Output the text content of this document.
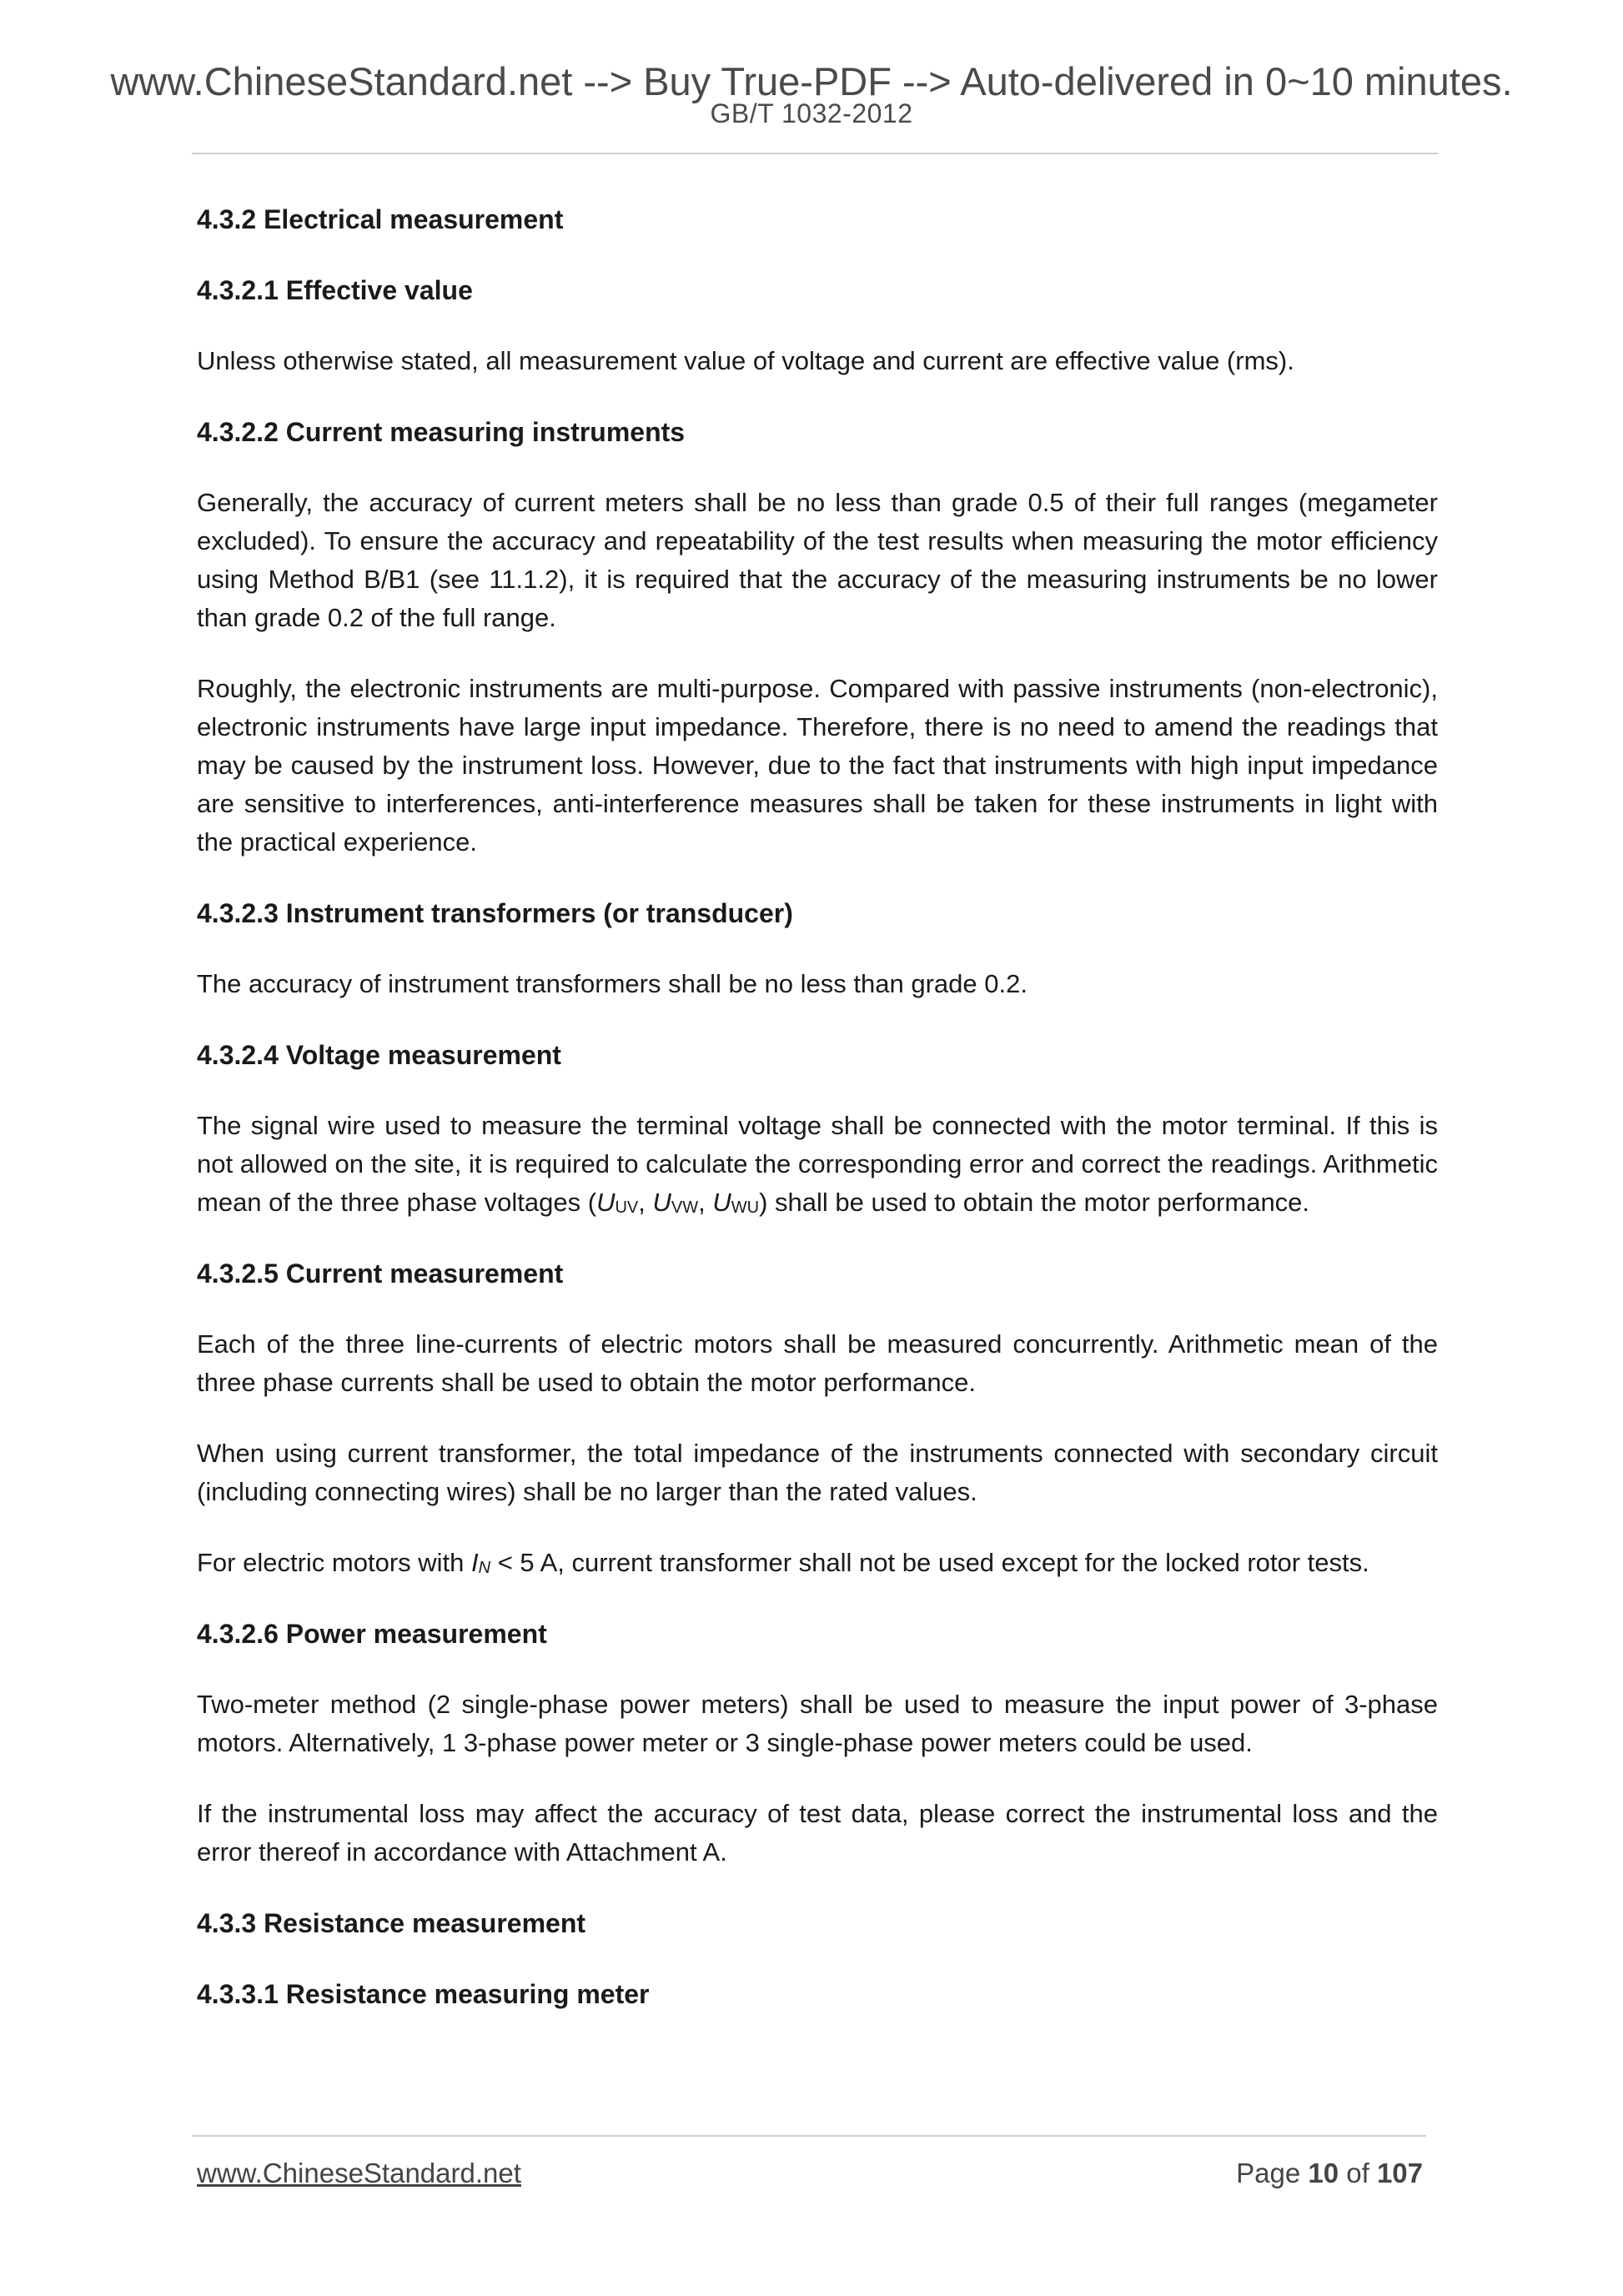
www.ChineseStandard.net --> Buy True-PDF --> Auto-delivered in 0~10 minutes.
GB/T 1032-2012
4.3.2 Electrical measurement
4.3.2.1 Effective value

Unless otherwise stated, all measurement value of voltage and current are effective value (rms).

4.3.2.2 Current measuring instruments

Generally, the accuracy of current meters shall be no less than grade 0.5 of their full ranges (megameter excluded). To ensure the accuracy and repeatability of the test results when measuring the motor efficiency using Method B/B1 (see 11.1.2), it is required that the accuracy of the measuring instruments be no lower than grade 0.2 of the full range.

Roughly, the electronic instruments are multi-purpose. Compared with passive instruments (non-electronic), electronic instruments have large input impedance. Therefore, there is no need to amend the readings that may be caused by the instrument loss. However, due to the fact that instruments with high input impedance are sensitive to interferences, anti-interference measures shall be taken for these instruments in light with the practical experience.

4.3.2.3 Instrument transformers (or transducer)

The accuracy of instrument transformers shall be no less than grade 0.2.

4.3.2.4 Voltage measurement

The signal wire used to measure the terminal voltage shall be connected with the motor terminal. If this is not allowed on the site, it is required to calculate the corresponding error and correct the readings. Arithmetic mean of the three phase voltages ($U_{UV}$, $U_{VW}$, $U_{WU}$) shall be used to obtain the motor performance.

4.3.2.5 Current measurement

Each of the three line-currents of electric motors shall be measured concurrently. Arithmetic mean of the three phase currents shall be used to obtain the motor performance.

When using current transformer, the total impedance of the instruments connected with secondary circuit (including connecting wires) shall be no larger than the rated values.

For electric motors with $I_N < 5$ A, current transformer shall not be used except for the locked rotor tests.

4.3.2.6 Power measurement

Two-meter method (2 single-phase power meters) shall be used to measure the input power of 3-phase motors. Alternatively, 1 3-phase power meter or 3 single-phase power meters could be used.

If the instrumental loss may affect the accuracy of test data, please correct the instrumental loss and the error thereof in accordance with Attachment A.

4.3.3 Resistance measurement
4.3.3.1 Resistance measuring meter
www.ChineseStandard.net	Page 10 of 107
